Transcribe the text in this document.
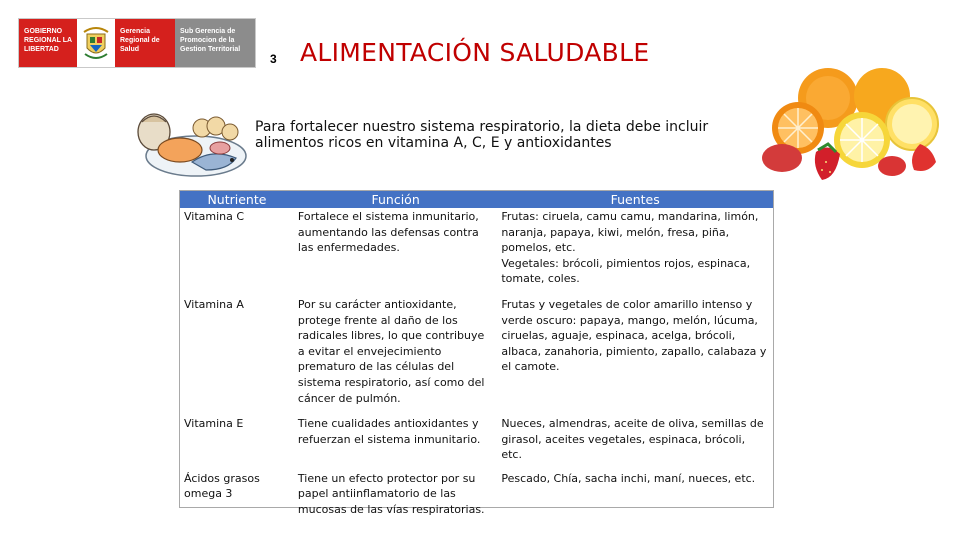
GOBIERNO
REGIONAL LA
LIBERTAD
Gerencia
Regional de
Salud
Sub Gerencia de
Promocion de la
Gestion Territorial
3 ALIMENTACIÓN SALUDABLE
Para fortalecer nuestro sistema respiratorio, la dieta debe incluir alimentos ricos en vitamina A, C, E y antioxidantes
Nutriente	Función	Fuentes
Vitamina C	Fortalece el sistema inmunitario, aumentando las defensas contra las enfermedades.	Frutas: ciruela, camu camu, mandarina, limón, naranja, papaya, kiwi, melón, fresa, piña, pomelos, etc.
Vegetales: brócoli, pimientos rojos, espinaca, tomate, coles.
Vitamina A	Por su carácter antioxidante, protege frente al daño de los radicales libres, lo que contribuye a evitar el envejecimiento prematuro de las células del sistema respiratorio, así como del cáncer de pulmón.	Frutas y vegetales de color amarillo intenso y verde oscuro: papaya, mango, melón, lúcuma, ciruelas, aguaje, espinaca, acelga, brócoli, albaca, zanahoria, pimiento, zapallo, calabaza y el camote.
Vitamina E	Tiene cualidades antioxidantes y refuerzan el sistema inmunitario.	Nueces, almendras, aceite de oliva, semillas de girasol, aceites vegetales, espinaca, brócoli, etc.
Ácidos grasos omega 3	Tiene un efecto protector por su papel antiinflamatorio de las mucosas de las vías respiratorias.	Pescado, Chía, sacha inchi, maní, nueces, etc.
